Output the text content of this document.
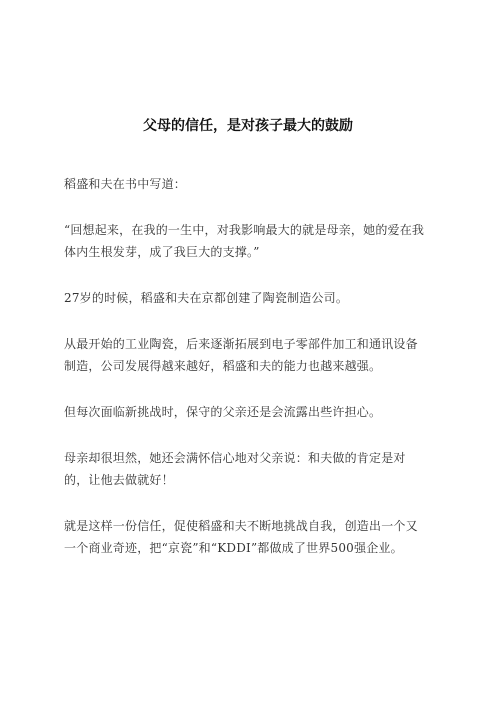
父母的信任，是对孩子最大的鼓励

稻盛和夫在书中写道：

“回想起来，在我的一生中，对我影响最大的就是母亲，她的爱在我体内生根发芽，成了我巨大的支撑。”

27岁的时候，稻盛和夫在京都创建了陶瓷制造公司。

从最开始的工业陶瓷，后来逐渐拓展到电子零部件加工和通讯设备制造，公司发展得越来越好，稻盛和夫的能力也越来越强。

但每次面临新挑战时，保守的父亲还是会流露出些许担心。

母亲却很坦然，她还会满怀信心地对父亲说：和夫做的肯定是对的，让他去做就好！

就是这样一份信任，促使稻盛和夫不断地挑战自我，创造出一个又一个商业奇迹，把“京瓷”和“KDDI”都做成了世界500强企业。
